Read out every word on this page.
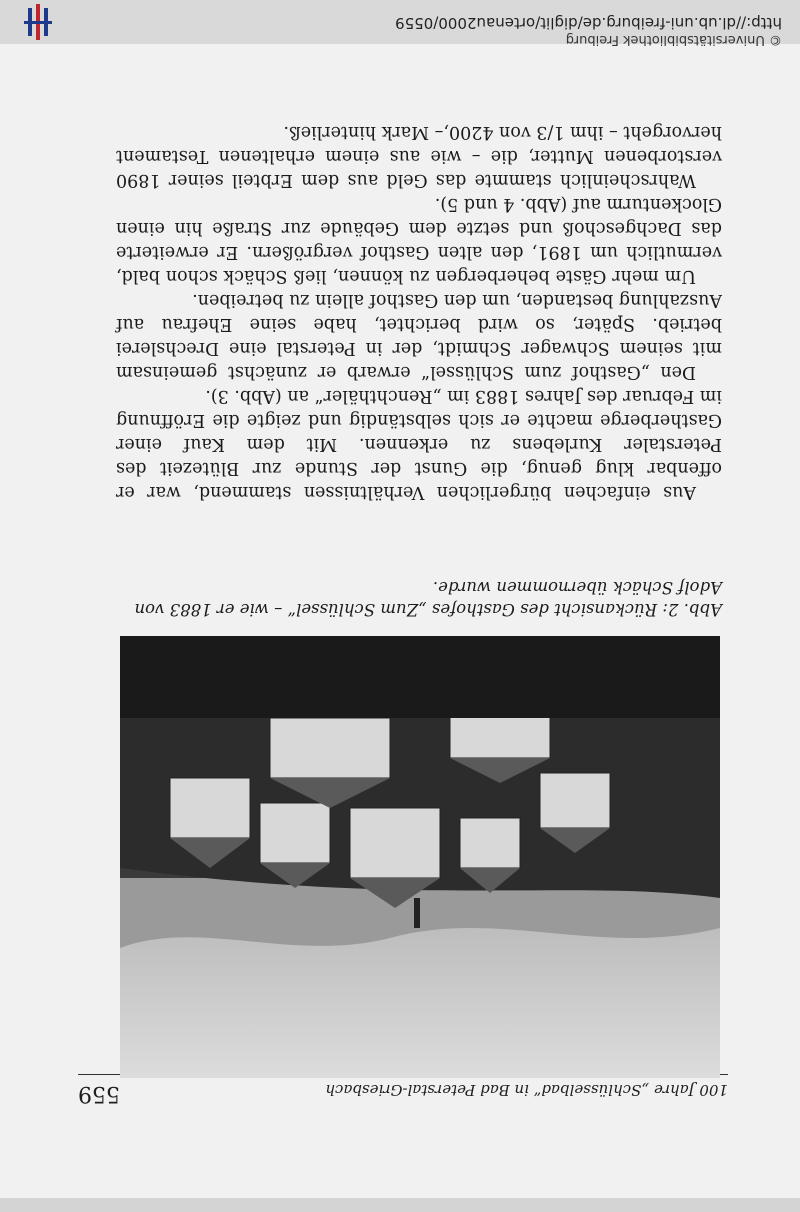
100 Jahre „Schlüsselbad“ in Bad Peterstal-Griesbach
559
Abb. 2: Rückansicht des Gasthofes „Zum Schlüssel“ – wie er 1883 von Adolf Schäck übernommen wurde.

Aus einfachen bürgerlichen Verhältnissen stammend, war er offenbar klug genug, die Gunst der Stunde zur Blütezeit des Peterstaler Kurlebens zu erkennen. Mit dem Kauf einer Gastherberge machte er sich selbständig und zeigte die Eröffnung im Februar des Jahres 1883 im „Renchthäler“ an (Abb. 3).

Den „Gasthof zum Schlüssel“ erwarb er zunächst gemeinsam mit seinem Schwager Schmidt, der in Peterstal eine Drechslerei betrieb. Später, so wird berichtet, habe seine Ehefrau auf Auszahlung bestanden, um den Gasthof allein zu betreiben.

Um mehr Gäste beherbergen zu können, ließ Schäck schon bald, vermutlich um 1891, den alten Gasthof vergrößern. Er erweiterte das Dachgeschoß und setzte dem Gebäude zur Straße hin einen Glockenturm auf (Abb. 4 und 5).

Wahrscheinlich stammte das Geld aus dem Erbteil seiner 1890 verstorbenen Mutter, die – wie aus einem erhaltenen Testament hervorgeht – ihm 1/3 von 4200,– Mark hinterließ.

© Universitätsbibliothek Freiburg
http://dl.ub.uni-freiburg.de/diglit/ortenau2000/0559
